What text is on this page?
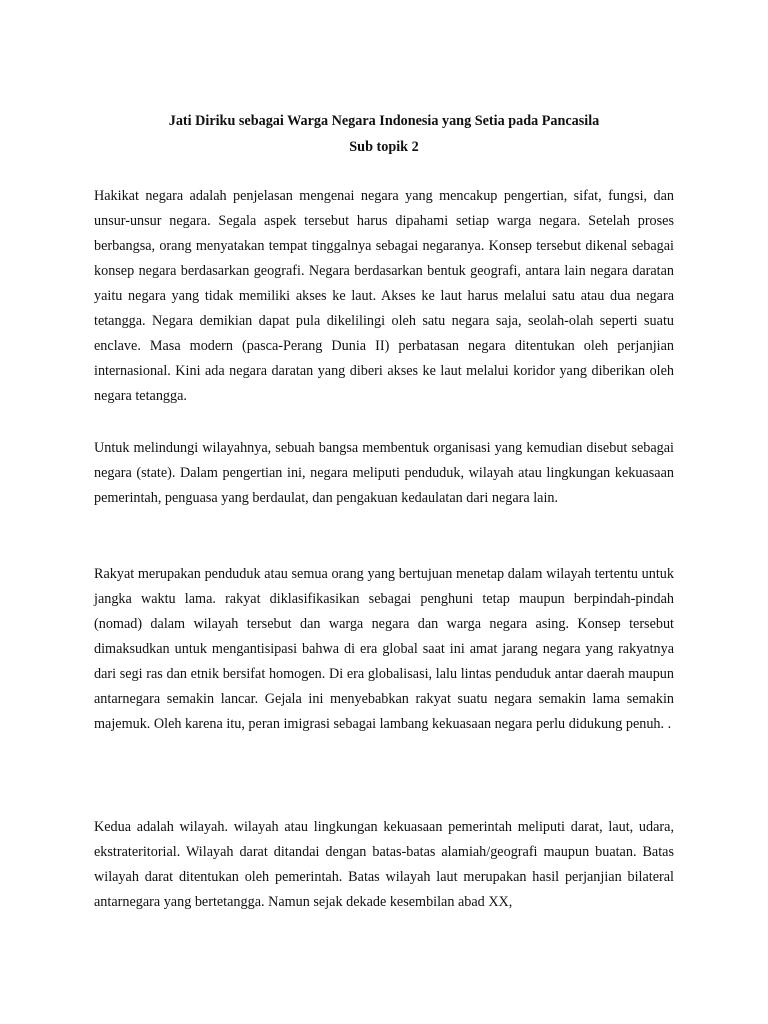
Jati Diriku sebagai Warga Negara Indonesia yang Setia pada Pancasila

Sub topik 2

Hakikat negara adalah penjelasan mengenai negara yang mencakup pengertian, sifat, fungsi, dan unsur-unsur negara. Segala aspek tersebut harus dipahami setiap warga negara. Setelah proses berbangsa, orang menyatakan tempat tinggalnya sebagai negaranya. Konsep tersebut dikenal sebagai konsep negara berdasarkan geografi. Negara berdasarkan bentuk geografi, antara lain negara daratan yaitu negara yang tidak memiliki akses ke laut. Akses ke laut harus melalui satu atau dua negara tetangga. Negara demikian dapat pula dikelilingi oleh satu negara saja, seolah-olah seperti suatu enclave. Masa modern (pasca-Perang Dunia II) perbatasan negara ditentukan oleh perjanjian internasional. Kini ada negara daratan yang diberi akses ke laut melalui koridor yang diberikan oleh negara tetangga.

Untuk melindungi wilayahnya, sebuah bangsa membentuk organisasi yang kemudian disebut sebagai negara (state). Dalam pengertian ini, negara meliputi penduduk, wilayah atau lingkungan kekuasaan pemerintah, penguasa yang berdaulat, dan pengakuan kedaulatan dari negara lain.

Rakyat merupakan penduduk atau semua orang yang bertujuan menetap dalam wilayah tertentu untuk jangka waktu lama. rakyat diklasifikasikan sebagai penghuni tetap maupun berpindah-pindah (nomad) dalam wilayah tersebut dan warga negara dan warga negara asing. Konsep tersebut dimaksudkan untuk mengantisipasi bahwa di era global saat ini amat jarang negara yang rakyatnya dari segi ras dan etnik bersifat homogen. Di era globalisasi, lalu lintas penduduk antar daerah maupun antarnegara semakin lancar. Gejala ini menyebabkan rakyat suatu negara semakin lama semakin majemuk. Oleh karena itu, peran imigrasi sebagai lambang kekuasaan negara perlu didukung penuh. .

Kedua adalah wilayah. wilayah atau lingkungan kekuasaan pemerintah meliputi darat, laut, udara, ekstrateritorial. Wilayah darat ditandai dengan batas-batas alamiah/geografi maupun buatan. Batas wilayah darat ditentukan oleh pemerintah. Batas wilayah laut merupakan hasil perjanjian bilateral antarnegara yang bertetangga. Namun sejak dekade kesembilan abad XX,
